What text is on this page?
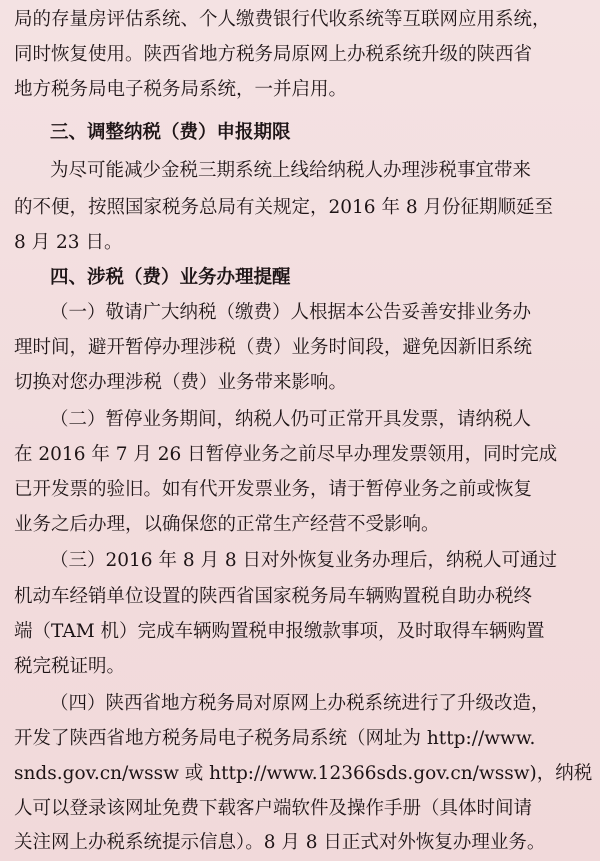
局的存量房评估系统、个人缴费银行代收系统等互联网应用系统，
同时恢复使用。陕西省地方税务局原网上办税系统升级的陕西省
地方税务局电子税务局系统，一并启用。
三、调整纳税（费）申报期限
为尽可能减少金税三期系统上线给纳税人办理涉税事宜带来
的不便，按照国家税务总局有关规定，2016 年 8 月份征期顺延至
8 月 23 日。
四、涉税（费）业务办理提醒
（一）敬请广大纳税（缴费）人根据本公告妥善安排业务办
理时间，避开暂停办理涉税（费）业务时间段，避免因新旧系统
切换对您办理涉税（费）业务带来影响。
（二）暂停业务期间，纳税人仍可正常开具发票，请纳税人
在 2016 年 7 月 26 日暂停业务之前尽早办理发票领用，同时完成
已开发票的验旧。如有代开发票业务，请于暂停业务之前或恢复
业务之后办理，以确保您的正常生产经营不受影响。
（三）2016 年 8 月 8 日对外恢复业务办理后，纳税人可通过
机动车经销单位设置的陕西省国家税务局车辆购置税自助办税终
端（TAM 机）完成车辆购置税申报缴款事项，及时取得车辆购置
税完税证明。
（四）陕西省地方税务局对原网上办税系统进行了升级改造，
开发了陕西省地方税务局电子税务局系统（网址为 http://www.
snds.gov.cn/wssw 或 http://www.12366sds.gov.cn/wssw)，纳税
人可以登录该网址免费下载客户端软件及操作手册（具体时间请
关注网上办税系统提示信息）。8 月 8 日正式对外恢复办理业务。
